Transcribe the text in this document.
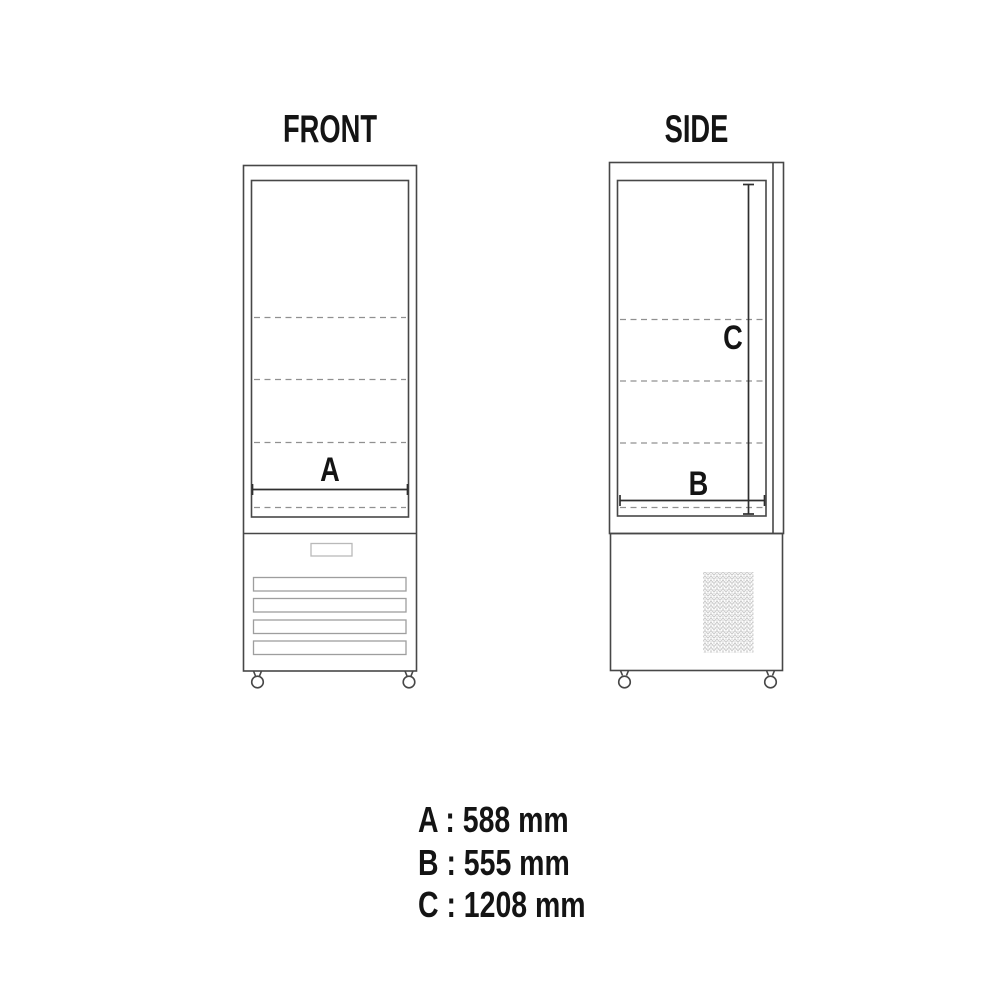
FRONT	SIDE
A	B
C
A : 588 mm
B : 555 mm
C : 1208 mm
